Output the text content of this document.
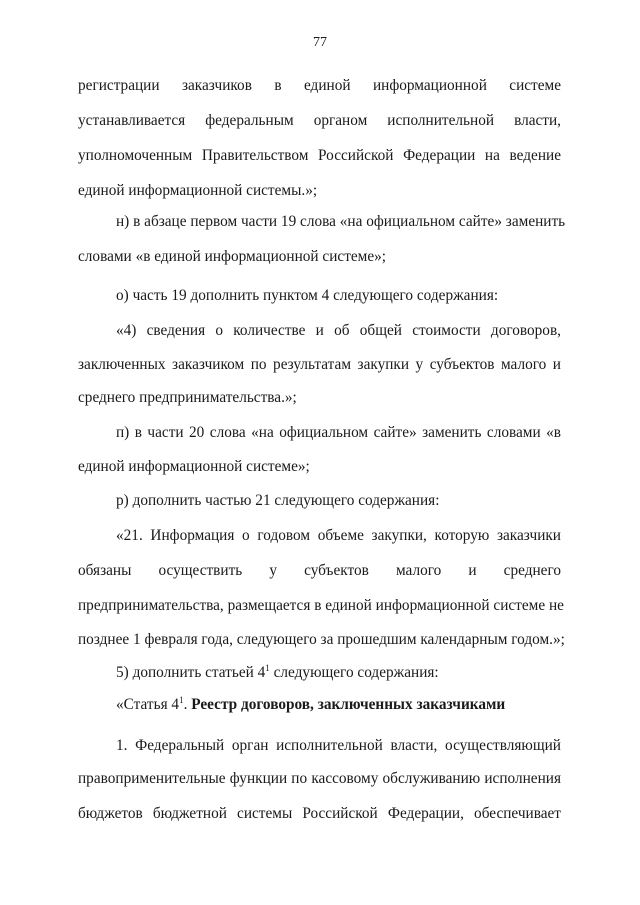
77
регистрации заказчиков в единой информационной системе
устанавливается федеральным органом исполнительной власти,
уполномоченным Правительством Российской Федерации на ведение
единой информационной системы.»;
н) в абзаце первом части 19 слова «на официальном сайте» заменить
словами «в единой информационной системе»;
о) часть 19 дополнить пунктом 4 следующего содержания:
«4) сведения о количестве и об общей стоимости договоров,
заключенных заказчиком по результатам закупки у субъектов малого и
среднего предпринимательства.»;
п) в части 20 слова «на официальном сайте» заменить словами «в
единой информационной системе»;
р) дополнить частью 21 следующего содержания:
«21. Информация о годовом объеме закупки, которую заказчики
обязаны осуществить у субъектов малого и среднего
предпринимательства, размещается в единой информационной системе не
позднее 1 февраля года, следующего за прошедшим календарным годом.»;
5) дополнить статьей $4^1$ следующего содержания:
«Статья $4^1$. Реестр договоров, заключенных заказчиками
1. Федеральный орган исполнительной власти, осуществляющий
правоприменительные функции по кассовому обслуживанию исполнения
бюджетов бюджетной системы Российской Федерации, обеспечивает
